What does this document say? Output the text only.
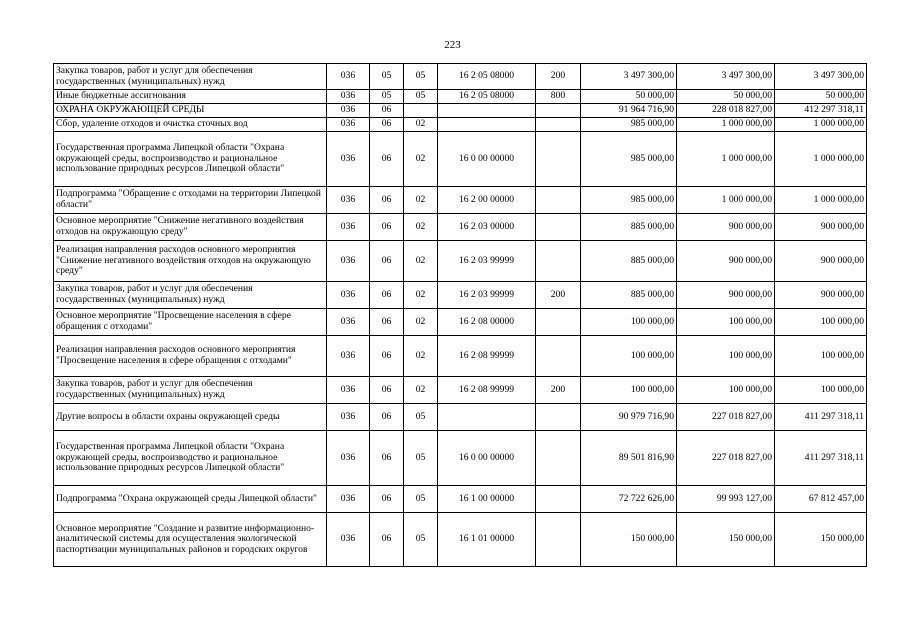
223
Закупка товаров, работ и услуг для обеспечения государственных (муниципальных) нужд	036	05	05	16 2 05 08000	200	3 497 300,00	3 497 300,00	3 497 300,00
Иные бюджетные ассигнования	036	05	05	16 2 05 08000	800	50 000,00	50 000,00	50 000,00
ОХРАНА ОКРУЖАЮЩЕЙ СРЕДЫ	036	06				91 964 716,90	228 018 827,00	412 297 318,11
Сбор, удаление отходов и очистка сточных вод	036	06	02			985 000,00	1 000 000,00	1 000 000,00
Государственная программа Липецкой области "Охрана окружающей среды, воспроизводство и рациональное использование природных ресурсов Липецкой области"	036	06	02	16 0 00 00000		985 000,00	1 000 000,00	1 000 000,00
Подпрограмма "Обращение с отходами на территории Липецкой области"	036	06	02	16 2 00 00000		985 000,00	1 000 000,00	1 000 000,00
Основное мероприятие "Снижение негативного воздействия отходов на окружающую среду"	036	06	02	16 2 03 00000		885 000,00	900 000,00	900 000,00
Реализация направления расходов основного мероприятия "Снижение негативного воздействия отходов на окружающую среду"	036	06	02	16 2 03 99999		885 000,00	900 000,00	900 000,00
Закупка товаров, работ и услуг для обеспечения государственных (муниципальных) нужд	036	06	02	16 2 03 99999	200	885 000,00	900 000,00	900 000,00
Основное мероприятие "Просвещение населения в сфере обращения с отходами"	036	06	02	16 2 08 00000		100 000,00	100 000,00	100 000,00
Реализация направления расходов основного мероприятия "Просвещение населения в сфере обращения с отходами"	036	06	02	16 2 08 99999		100 000,00	100 000,00	100 000,00
Закупка товаров, работ и услуг для обеспечения государственных (муниципальных) нужд	036	06	02	16 2 08 99999	200	100 000,00	100 000,00	100 000,00
Другие вопросы в области охраны окружающей среды	036	06	05			90 979 716,90	227 018 827,00	411 297 318,11
Государственная программа Липецкой области "Охрана окружающей среды, воспроизводство и рациональное использование природных ресурсов Липецкой области"	036	06	05	16 0 00 00000		89 501 816,90	227 018 827,00	411 297 318,11
Подпрограмма "Охрана окружающей среды Липецкой области"	036	06	05	16 1 00 00000		72 722 626,00	99 993 127,00	67 812 457,00
Основное мероприятие "Создание и развитие информационно-аналитической системы для осуществления экологической паспортизации муниципальных районов и городских округов	036	06	05	16 1 01 00000		150 000,00	150 000,00	150 000,00
